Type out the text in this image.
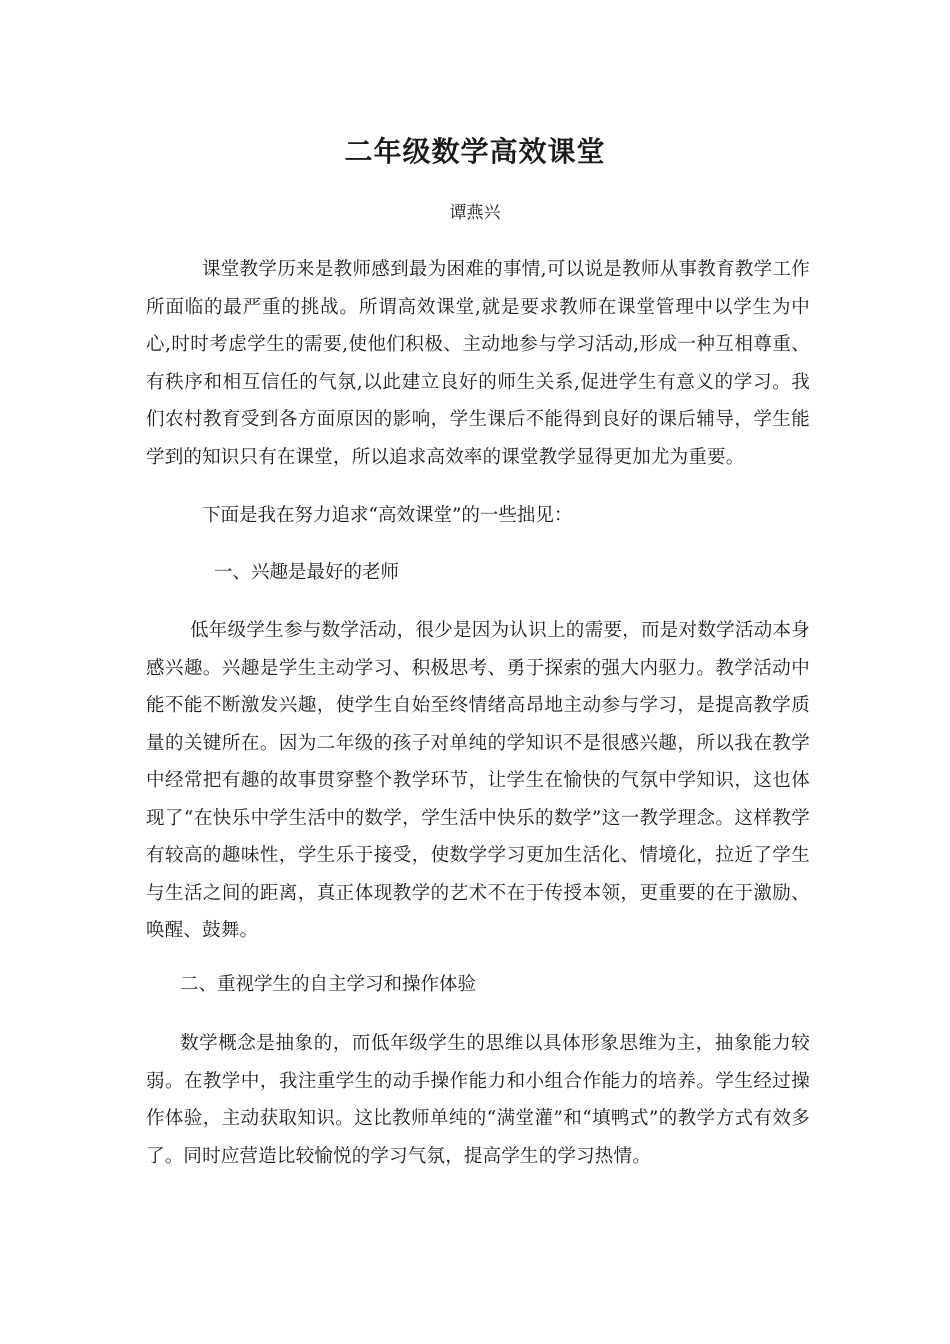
二年级数学高效课堂
谭燕兴

课堂教学历来是教师感到最为困难的事情,可以说是教师从事教育教学工作所面临的最严重的挑战。所谓高效课堂,就是要求教师在课堂管理中以学生为中心,时时考虑学生的需要,使他们积极、主动地参与学习活动,形成一种互相尊重、有秩序和相互信任的气氛,以此建立良好的师生关系,促进学生有意义的学习。我们农村教育受到各方面原因的影响，学生课后不能得到良好的课后辅导，学生能学到的知识只有在课堂，所以追求高效率的课堂教学显得更加尤为重要。

下面是我在努力追求“高效课堂”的一些拙见：

一、兴趣是最好的老师

低年级学生参与数学活动，很少是因为认识上的需要，而是对数学活动本身感兴趣。兴趣是学生主动学习、积极思考、勇于探索的强大内驱力。教学活动中能不能不断激发兴趣，使学生自始至终情绪高昂地主动参与学习，是提高教学质量的关键所在。因为二年级的孩子对单纯的学知识不是很感兴趣，所以我在教学中经常把有趣的故事贯穿整个教学环节，让学生在愉快的气氛中学知识，这也体现了“在快乐中学生活中的数学，学生活中快乐的数学”这一教学理念。这样教学有较高的趣味性，学生乐于接受，使数学学习更加生活化、情境化，拉近了学生与生活之间的距离，真正体现教学的艺术不在于传授本领，更重要的在于激励、唤醒、鼓舞。

二、重视学生的自主学习和操作体验

数学概念是抽象的，而低年级学生的思维以具体形象思维为主，抽象能力较弱。在教学中，我注重学生的动手操作能力和小组合作能力的培养。学生经过操作体验，主动获取知识。这比教师单纯的“满堂灌”和“填鸭式”的教学方式有效多了。同时应营造比较愉悦的学习气氛，提高学生的学习热情。
